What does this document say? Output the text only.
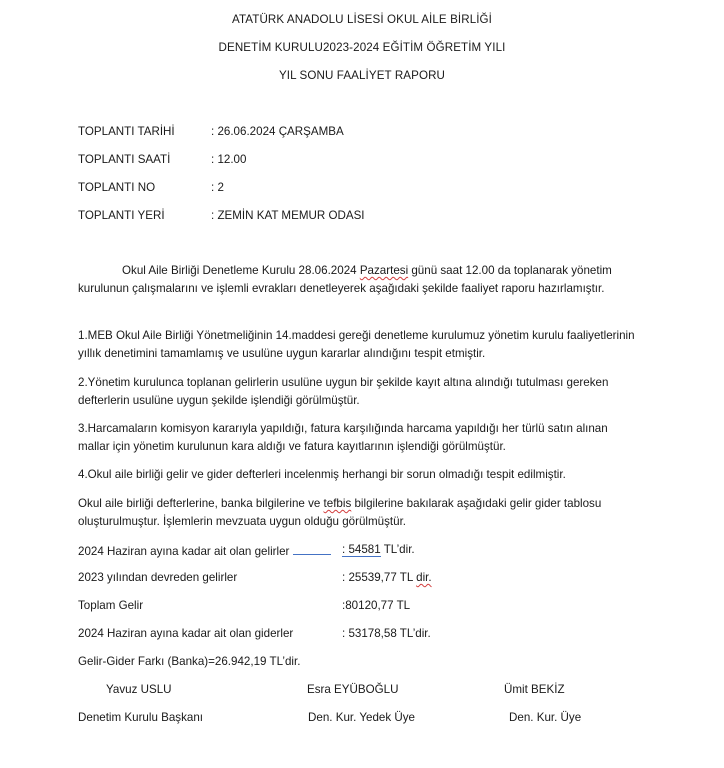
ATATÜRK ANADOLU LİSESİ OKUL AİLE BİRLİĞİ
DENETİM KURULU2023-2024 EĞİTİM ÖĞRETİM YILI
YIL SONU FAALİYET RAPORU
TOPLANTI TARİHİ	: 26.06.2024 ÇARŞAMBA
TOPLANTI SAATİ	: 12.00
TOPLANTI NO	: 2
TOPLANTI YERİ	: ZEMİN KAT MEMUR ODASI
Okul Aile Birliği Denetleme Kurulu 28.06.2024 Pazartesi günü saat 12.00 da toplanarak yönetim kurulunun çalışmalarını ve işlemli evrakları denetleyerek aşağıdaki şekilde faaliyet raporu hazırlamıştır.
1.MEB Okul Aile Birliği Yönetmeliğinin 14.maddesi gereği denetleme kurulumuz yönetim kurulu faaliyetlerinin yıllık denetimini tamamlamış ve usulüne uygun kararlar alındığını tespit etmiştir.
2.Yönetim kurulunca toplanan gelirlerin usulüne uygun bir şekilde kayıt altına alındığı tutulması gereken defterlerin usulüne uygun şekilde işlendiği görülmüştür.
3.Harcamaların komisyon kararıyla yapıldığı, fatura karşılığında harcama yapıldığı her türlü satın alınan mallar için yönetim kurulunun kara aldığı ve fatura kayıtlarının işlendiği görülmüştür.
4.Okul aile birliği gelir ve gider defterleri incelenmiş herhangi bir sorun olmadığı tespit edilmiştir.
Okul aile birliği defterlerine, banka bilgilerine ve tefbis bilgilerine bakılarak aşağıdaki gelir gider tablosu oluşturulmuştur. İşlemlerin mevzuata uygun olduğu görülmüştür.
2024 Haziran ayına kadar ait olan gelirler	: 54581 TL’dir.
2023 yılından devreden gelirler	: 25539,77 TL dir.
Toplam Gelir	:80120,77 TL
2024 Haziran ayına kadar ait olan giderler	: 53178,58 TL’dir.
Gelir-Gider Farkı (Banka)=26.942,19 TL’dir.
Yavuz USLU	Esra EYÜBOĞLU	Ümit BEKİZ
Denetim Kurulu Başkanı	Den. Kur. Yedek Üye	Den. Kur. Üye
